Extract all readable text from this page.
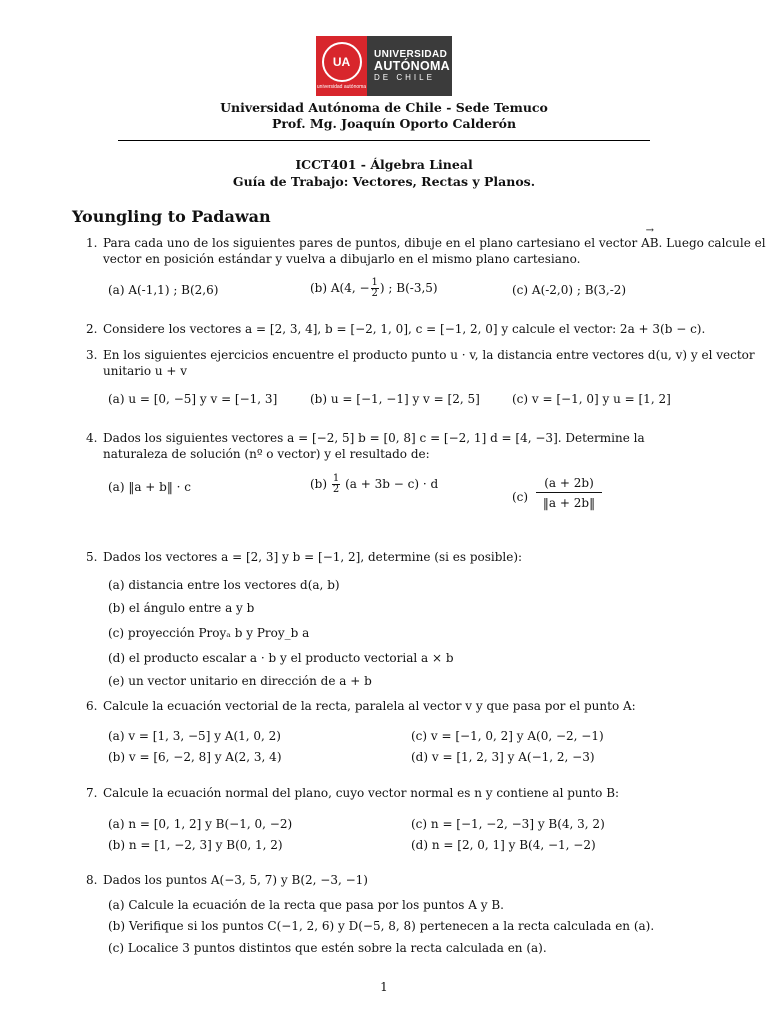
UA
universidad autónoma
UNIVERSIDAD
AUTÓNOMA
DE CHILE
Universidad Autónoma de Chile - Sede Temuco
Prof. Mg. Joaquín Oporto Calderón
ICCT401 - Álgebra Lineal
Guía de Trabajo: Vectores, Rectas y Planos.
Youngling to Padawan
1. Para cada uno de los siguientes pares de puntos, dibuje en el plano cartesiano el vector → AB. Luego calcule el
vector en posición estándar y vuelva a dibujarlo en el mismo plano cartesiano.
(a) A(-1,1) ; B(2,6)	(b) A(4, − $\frac{1}{2}$ ) ; B(-3,5)	(c) A(-2,0) ; B(3,-2)
2. Considere los vectores a = [2, 3, 4], b = [−2, 1, 0], c = [−1, 2, 0] y calcule el vector: 2a + 3(b − c).
3. En los siguientes ejercicios encuentre el producto punto u · v, la distancia entre vectores d(u, v) y el vector
unitario u + v
(a) u = [0, −5] y v = [−1, 3]	(b) u = [−1, −1] y v = [2, 5]	(c) v = [−1, 0] y u = [1, 2]
4. Dados los siguientes vectores a = [−2, 5] b = [0, 8] c = [−2, 1] d = [4, −3]. Determine la
naturaleza de solución (nº o vector) y el resultado de:
(a) ‖a + b‖ · c	$(b) \frac{1}{2} (a + 3b - c) \cdot d$
$(c) \frac{(a + 2b)}{‖a + 2b‖}$
5. Dados los vectores a = [2, 3] y b = [−1, 2], determine (si es posible):
(a) distancia entre los vectores d(a, b)
(b) el ángulo entre a y b
(c) proyección Proyₐ b y Proy_b a
(d) el producto escalar a · b y el producto vectorial a × b
(e) un vector unitario en dirección de a + b
6. Calcule la ecuación vectorial de la recta, paralela al vector v y que pasa por el punto A:
(a) v = [1, 3, −5] y A(1, 0, 2)
(b) v = [6, −2, 8] y A(2, 3, 4)
(c) v = [−1, 0, 2] y A(0, −2, −1)
(d) v = [1, 2, 3] y A(−1, 2, −3)
7. Calcule la ecuación normal del plano, cuyo vector normal es n y contiene al punto B:
(a) n = [0, 1, 2] y B(−1, 0, −2)
(b) n = [1, −2, 3] y B(0, 1, 2)
(c) n = [−1, −2, −3] y B(4, 3, 2)
(d) n = [2, 0, 1] y B(4, −1, −2)
8. Dados los puntos A(−3, 5, 7) y B(2, −3, −1)
(a) Calcule la ecuación de la recta que pasa por los puntos A y B.
(b) Verifique si los puntos C(−1, 2, 6) y D(−5, 8, 8) pertenecen a la recta calculada en (a).
(c) Localice 3 puntos distintos que estén sobre la recta calculada en (a).
1
